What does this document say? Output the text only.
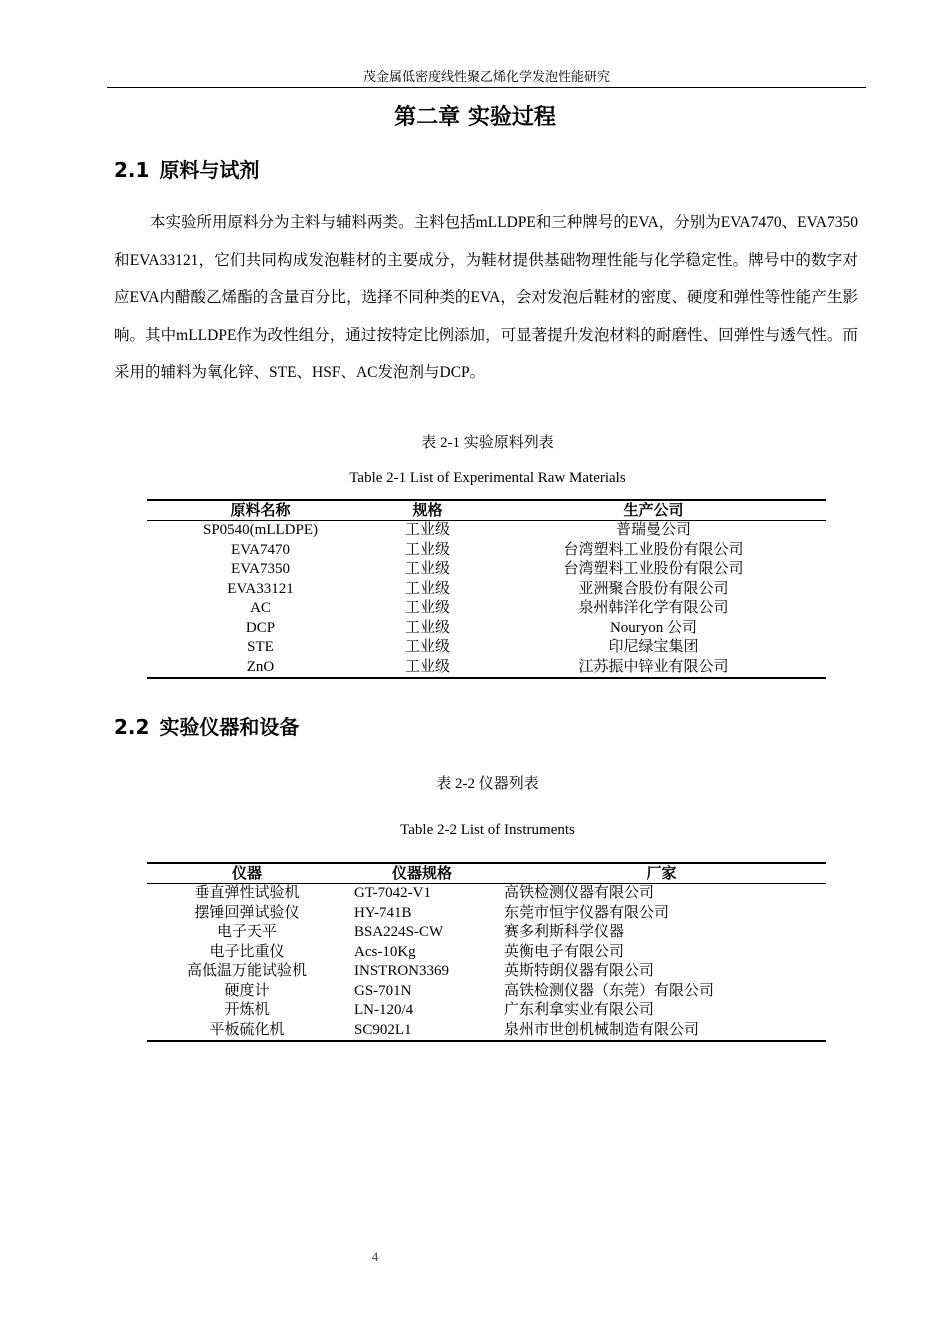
茂金属低密度线性聚乙烯化学发泡性能研究
第二章 实验过程
2.1 原料与试剂

本实验所用原料分为主料与辅料两类。主料包括mLLDPE和三种牌号的EVA，分别为EVA7470、EVA7350和EVA33121，它们共同构成发泡鞋材的主要成分，为鞋材提供基础物理性能与化学稳定性。牌号中的数字对应EVA内醋酸乙烯酯的含量百分比，选择不同种类的EVA，会对发泡后鞋材的密度、硬度和弹性等性能产生影响。其中mLLDPE作为改性组分，通过按特定比例添加，可显著提升发泡材料的耐磨性、回弹性与透气性。而采用的辅料为氧化锌、STE、HSF、AC发泡剂与DCP。

表 2-1 实验原料列表
Table 2-1 List of Experimental Raw Materials
原料名称	规格	生产公司
SP0540(mLLDPE)	工业级	普瑞曼公司
EVA7470	工业级	台湾塑料工业股份有限公司
EVA7350	工业级	台湾塑料工业股份有限公司
EVA33121	工业级	亚洲聚合股份有限公司
AC	工业级	泉州韩洋化学有限公司
DCP	工业级	Nouryon 公司
STE	工业级	印尼绿宝集团
ZnO	工业级	江苏振中锌业有限公司
2.2 实验仪器和设备
表 2-2 仪器列表
Table 2-2 List of Instruments
仪器	仪器规格	厂家
垂直弹性试验机	GT-7042-V1	高铁检测仪器有限公司
摆锤回弹试验仪	HY-741B	东莞市恒宇仪器有限公司
电子天平	BSA224S-CW	赛多利斯科学仪器
电子比重仪	Acs-10Kg	英衡电子有限公司
高低温万能试验机	INSTRON3369	英斯特朗仪器有限公司
硬度计	GS-701N	高铁检测仪器（东莞）有限公司
开炼机	LN-120/4	广东利拿实业有限公司
平板硫化机	SC902L1	泉州市世创机械制造有限公司
4
